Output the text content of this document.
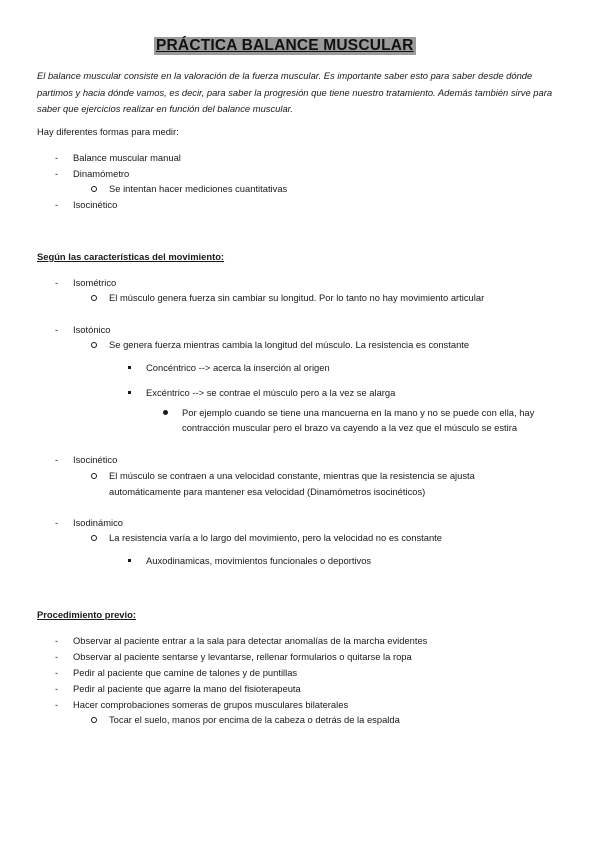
PRÁCTICA BALANCE MUSCULAR
El balance muscular consiste en la valoración de la fuerza muscular. Es importante saber esto para saber desde dónde partimos y hacia dónde vamos, es decir, para saber la progresión que tiene nuestro tratamiento. Además también sirve para saber que ejercicios realizar en función del balance muscular.
Hay diferentes formas para medir:
- Balance muscular manual
- Dinamómetro
Se intentan hacer mediciones cuantitativas
- Isocinético
Según las características del movimiento:
- Isométrico
El músculo genera fuerza sin cambiar su longitud. Por lo tanto no hay movimiento articular
- Isotónico
Se genera fuerza mientras cambia la longitud del músculo. La resistencia es constante
Concéntrico --> acerca la inserción al origen
Excéntrico --> se contrae el músculo pero a la vez se alarga
Por ejemplo cuando se tiene una mancuerna en la mano y no se puede con ella, hay
contracción muscular pero el brazo va cayendo a la vez que el músculo se estira
- Isocinético
El músculo se contraen a una velocidad constante, mientras que la resistencia se ajusta
automáticamente para mantener esa velocidad (Dinamómetros isocinéticos)
- Isodinámico
La resistencia varía a lo largo del movimiento, pero la velocidad no es constante
Auxodinamicas, movimientos funcionales o deportivos
Procedimiento previo:
- Observar al paciente entrar a la sala para detectar anomalías de la marcha evidentes
- Observar al paciente sentarse y levantarse, rellenar formularios o quitarse la ropa
- Pedir al paciente que camine de talones y de puntillas
- Pedir al paciente que agarre la mano del fisioterapeuta
- Hacer comprobaciones someras de grupos musculares bilaterales
Tocar el suelo, manos por encima de la cabeza o detrás de la espalda
